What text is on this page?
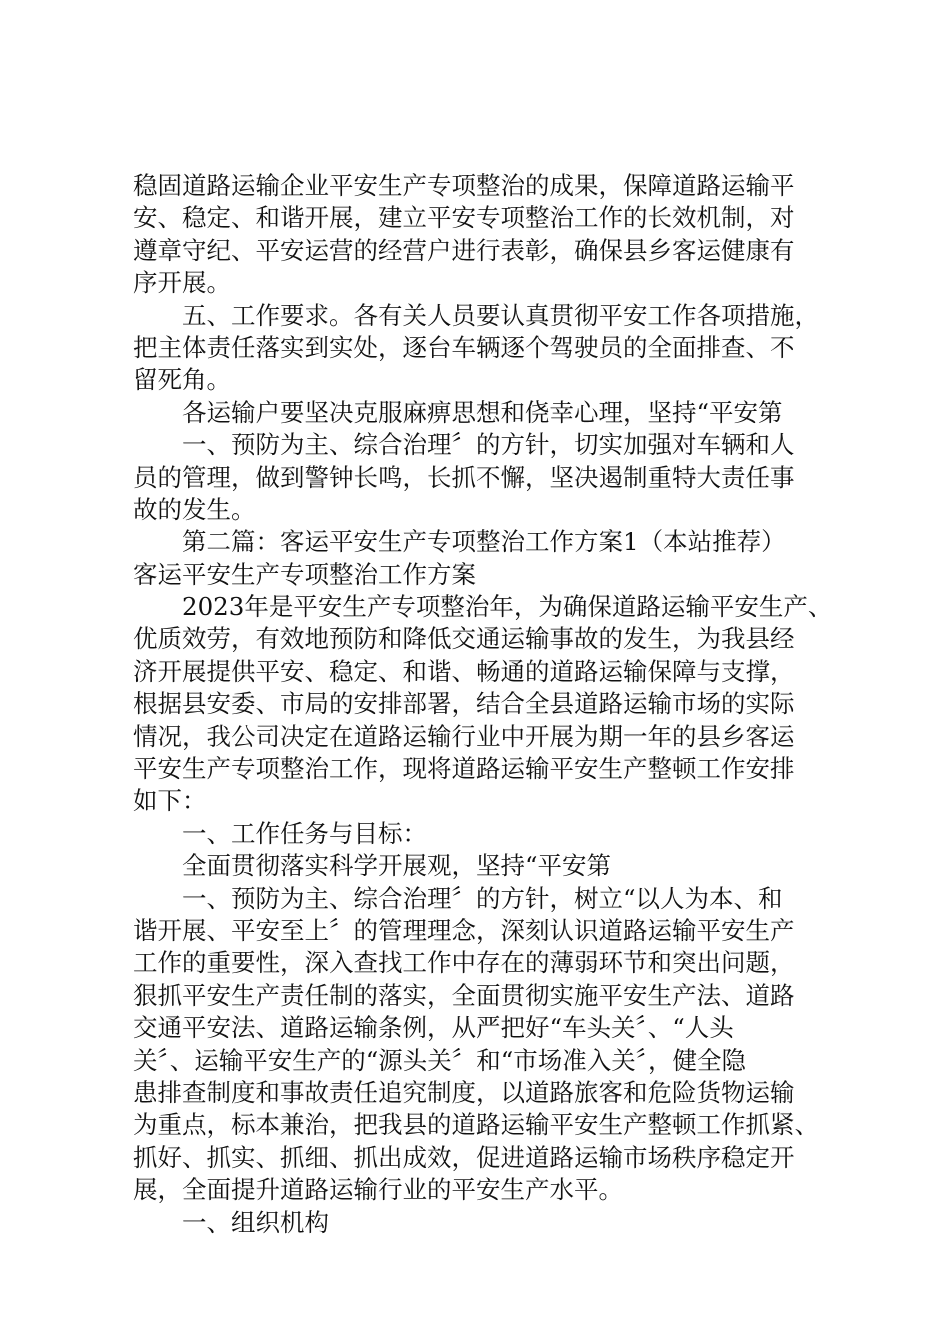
稳固道路运输企业平安生产专项整治的成果，保障道路运输平
安、稳定、和谐开展，建立平安专项整治工作的长效机制，对
遵章守纪、平安运营的经营户进行表彰，确保县乡客运健康有
序开展。
五、工作要求。各有关人员要认真贯彻平安工作各项措施，
把主体责任落实到实处，逐台车辆逐个驾驶员的全面排查、不
留死角。
各运输户要坚决克服麻痹思想和侥幸心理，坚持“平安第
一、预防为主、综合治理〞的方针，切实加强对车辆和人
员的管理，做到警钟长鸣，长抓不懈，坚决遏制重特大责任事
故的发生。
第二篇：客运平安生产专项整治工作方案1（本站推荐）
客运平安生产专项整治工作方案
2023年是平安生产专项整治年，为确保道路运输平安生产、
优质效劳，有效地预防和降低交通运输事故的发生，为我县经
济开展提供平安、稳定、和谐、畅通的道路运输保障与支撑，
根据县安委、市局的安排部署，结合全县道路运输市场的实际
情况，我公司决定在道路运输行业中开展为期一年的县乡客运
平安生产专项整治工作，现将道路运输平安生产整顿工作安排
如下：
一、工作任务与目标：
全面贯彻落实科学开展观，坚持“平安第
一、预防为主、综合治理〞的方针，树立“以人为本、和
谐开展、平安至上〞的管理理念，深刻认识道路运输平安生产
工作的重要性，深入查找工作中存在的薄弱环节和突出问题，
狠抓平安生产责任制的落实，全面贯彻实施平安生产法、道路
交通平安法、道路运输条例，从严把好“车头关〞、“人头
关〞、运输平安生产的“源头关〞和“市场准入关〞，健全隐
患排查制度和事故责任追究制度，以道路旅客和危险货物运输
为重点，标本兼治，把我县的道路运输平安生产整顿工作抓紧、
抓好、抓实、抓细、抓出成效，促进道路运输市场秩序稳定开
展，全面提升道路运输行业的平安生产水平。
一、组织机构
